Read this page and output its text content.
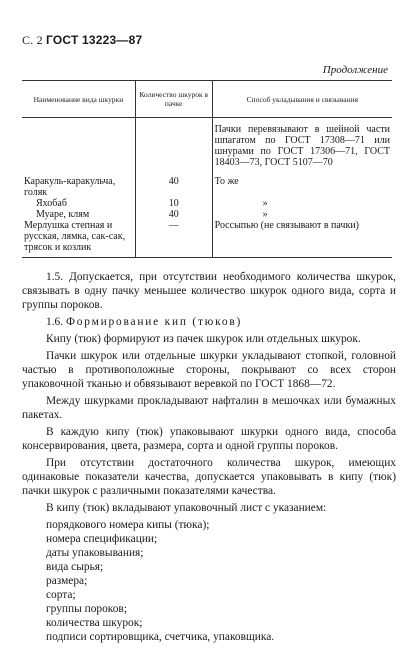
С. 2 ГОСТ 13223—87
Продолжение
Наименование вида шкурки	Количество шкурок в пачке	Способ укладывания и связывания
		Пачки перевязывают в шейной части шпагатом по ГОСТ 17308—71 или шнурами по ГОСТ 17306—71, ГОСТ 18403—73, ГОСТ 5107—70
Каракуль-каракульча, голяк	40	То же
Яхобаб	10	»
Муаре, клям	40	»
Мерлушка степная и русская, лямка, сак-сак, трясок и козлик	—	Россыпью (не связывают в пачки)

1.5. Допускается, при отсутствии необходимого количества шкурок, связывать в одну пачку меньшее количество шкурок одного вида, сорта и группы пороков.

1.6. Формирование кип (тюков)

Кипу (тюк) формируют из пачек шкурок или отдельных шкурок.

Пачки шкурок или отдельные шкурки укладывают стопкой, головной частью в противоположные стороны, покрывают со всех сторон упаковочной тканью и обвязывают веревкой по ГОСТ 1868—72.

Между шкурками прокладывают нафталин в мешочках или бумажных пакетах.

В каждую кипу (тюк) упаковывают шкурки одного вида, способа консервирования, цвета, размера, сорта и одной группы пороков.

При отсутствии достаточного количества шкурок, имеющих одинаковые показатели качества, допускается упаковывать в кипу (тюк) пачки шкурок с различными показателями качества.

В кипу (тюк) вкладывают упаковочный лист с указанием:

порядкового номера кипы (тюка);
номера спецификации;
даты упаковывания;
вида сырья;
размера;
сорта;
группы пороков;
количества шкурок;
подписи сортировщика, счетчика, упаковщика.
